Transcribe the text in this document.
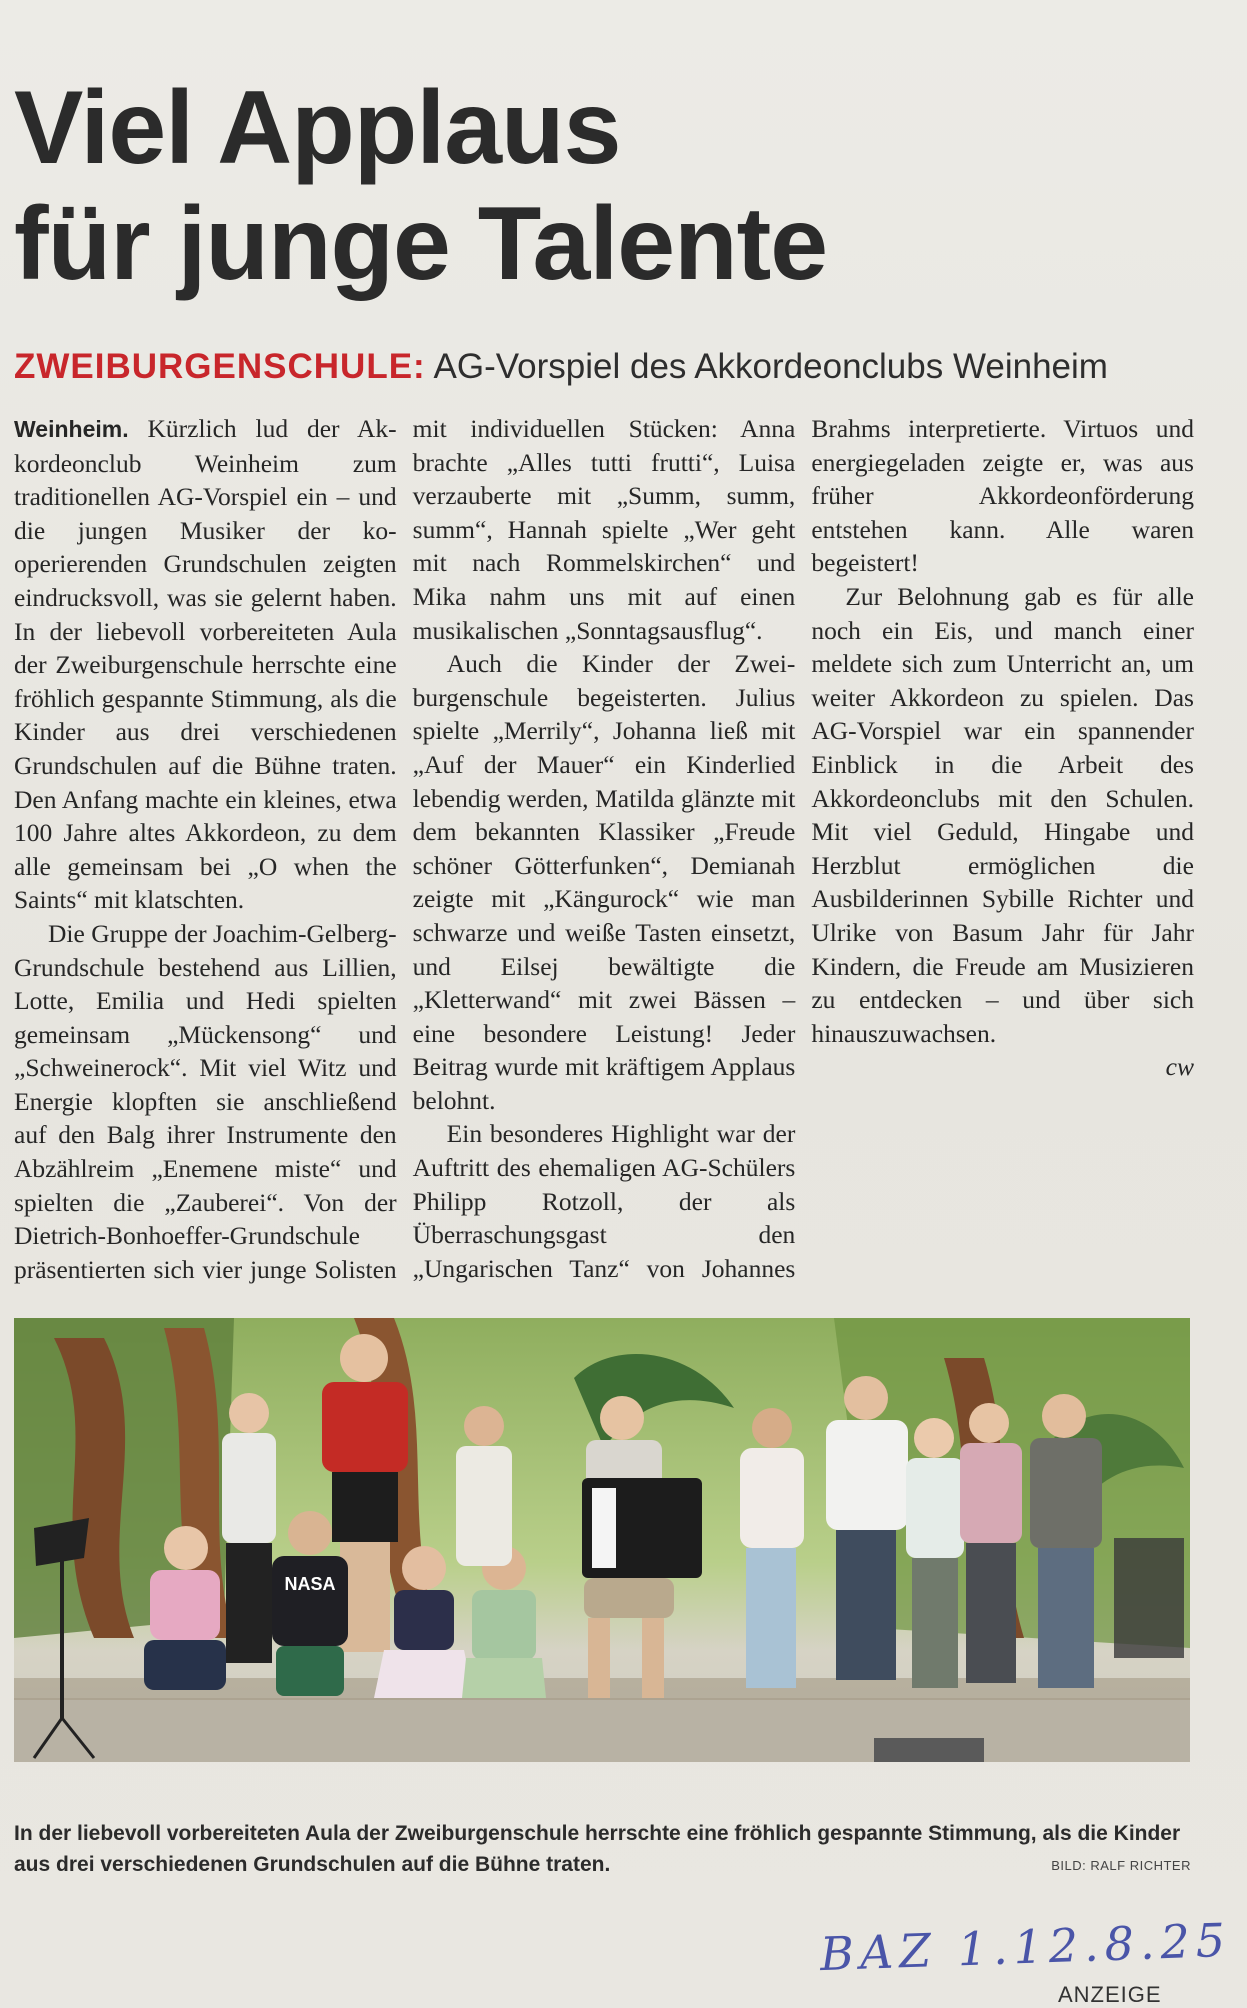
Viel Applaus
für junge Talente
ZWEIBURGENSCHULE: AG-Vorspiel des Akkordeonclubs Weinheim

Weinheim. Kürzlich lud der Akkordeonclub Weinheim zum traditionellen AG-Vorspiel ein – und die jungen Musiker der kooperierenden Grundschulen zeigten eindrucksvoll, was sie gelernt haben. In der liebevoll vorbereiteten Aula der Zweiburgenschule herrschte eine fröhlich gespannte Stimmung, als die Kinder aus drei verschiedenen Grundschulen auf die Bühne traten. Den Anfang machte ein kleines, etwa 100 Jahre altes Akkordeon, zu dem alle gemeinsam bei „O when the Saints“ mit klatschten.

Die Gruppe der Joachim-Gelberg-Grundschule bestehend aus Lillien, Lotte, Emilia und Hedi spielten gemeinsam „Mückensong“ und „Schweinerock“. Mit viel Witz und Energie klopften sie anschließend auf den Balg ihrer Instrumente den Abzählreim „Enemene miste“ und spielten die „Zauberei“. Von der Dietrich-Bonhoeffer-Grundschule präsentierten sich vier junge Solisten mit individuellen Stücken: Anna brachte „Alles tutti frutti“, Luisa verzauberte mit „Summ, summ, summ“, Hannah spielte „Wer geht mit nach Rommelskirchen“ und Mika nahm uns mit auf einen musikalischen „Sonntagsausflug“.

Auch die Kinder der Zweiburgenschule begeisterten. Julius spielte „Merrily“, Johanna ließ mit „Auf der Mauer“ ein Kinderlied lebendig werden, Matilda glänzte mit dem bekannten Klassiker „Freude schöner Götterfunken“, Demianah zeigte mit „Kängurock“ wie man schwarze und weiße Tasten einsetzt, und Eilsej bewältigte die „Kletterwand“ mit zwei Bässen – eine besondere Leistung! Jeder Beitrag wurde mit kräftigem Applaus belohnt.

Ein besonderes Highlight war der Auftritt des ehemaligen AG-Schülers Philipp Rotzoll, der als Überraschungsgast den „Ungarischen Tanz“ von Johannes Brahms interpretierte. Virtuos und energiegeladen zeigte er, was aus früher Akkordeonförderung entstehen kann. Alle waren begeistert!

Zur Belohnung gab es für alle noch ein Eis, und manch einer meldete sich zum Unterricht an, um weiter Akkordeon zu spielen. Das AG-Vorspiel war ein spannender Einblick in die Arbeit des Akkordeonclubs mit den Schulen. Mit viel Geduld, Hingabe und Herzblut ermöglichen die Ausbilderinnen Sybille Richter und Ulrike von Basum Jahr für Jahr Kindern, die Freude am Musizieren zu entdecken – und über sich hinauszuwachsen.
cw

NASA
In der liebevoll vorbereiteten Aula der Zweiburgenschule herrschte eine fröhlich gespannte Stimmung, als die Kinder aus drei verschiedenen Grundschulen auf die Bühne traten.	BILD: RALF RICHTER
BAZ 1.12.8.25
ANZEIGE
